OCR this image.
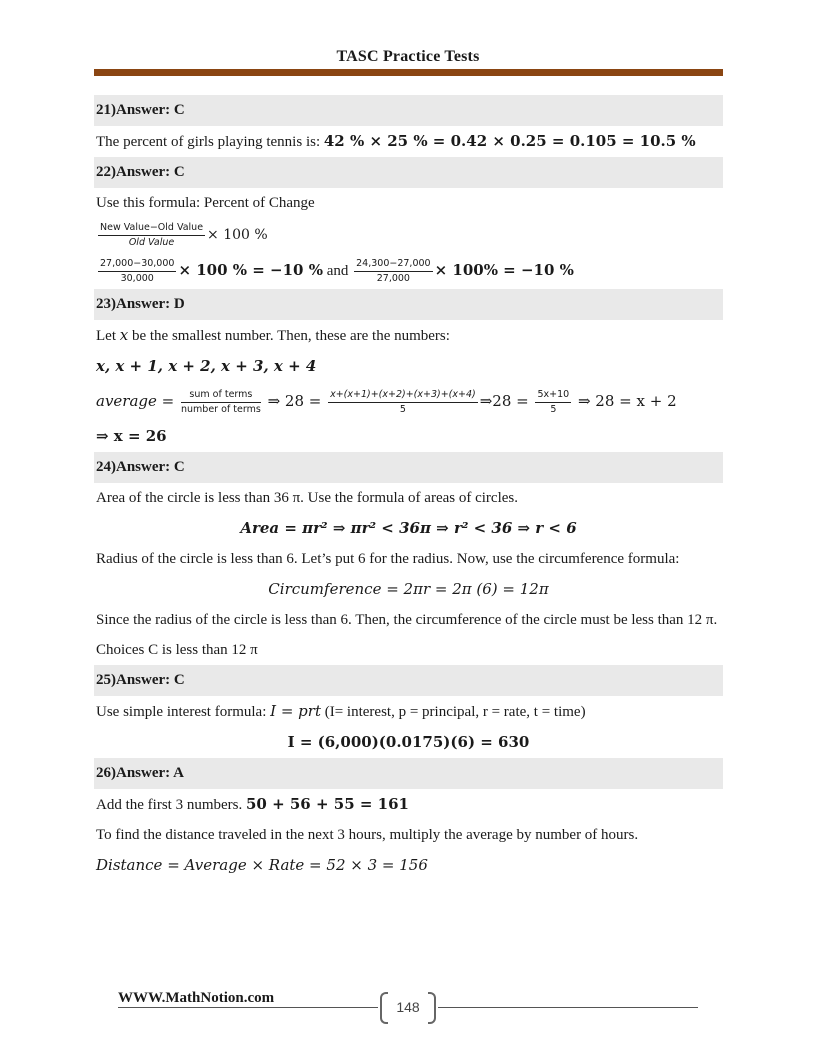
TASC Practice Tests
21)Answer: C
The percent of girls playing tennis is: 42 % × 25 % = 0.42 × 0.25 = 0.105 = 10.5 %
22)Answer: C
Use this formula: Percent of Change
$\frac{\text{New Value−Old Value}}{\text{Old Value}} \times 100$ %
$\frac{27,000-30,000}{30,000} \times 100$ % = −10 % and $\frac{24,300-27,000}{27,000} \times 100\% = -10$ %
23)Answer: D
Let x be the smallest number. Then, these are the numbers:
x, x + 1, x + 2, x + 3, x + 4
average = $\frac{\text{sum of terms}}{\text{number of terms}}$ ⇒ $28 = \frac{x+(x+1)+(x+2)+(x+3)+(x+4)}{5}$ ⇒28 = $\frac{5x+10}{5}$ ⇒ 28 = x + 2
⇒ x = 26
24)Answer: C
Area of the circle is less than 36 π. Use the formula of areas of circles.
Area = πr² ⇒ πr² < 36π ⇒ r² < 36 ⇒ r < 6
Radius of the circle is less than 6. Let’s put 6 for the radius. Now, use the circumference formula:
Circumference = 2πr = 2π (6) = 12π
Since the radius of the circle is less than 6. Then, the circumference of the circle must be less than 12 π. Choices C is less than 12 π
25)Answer: C
Use simple interest formula: I = prt (I= interest, p = principal, r = rate, t = time)
I = (6,000)(0.0175)(6) = 630
26)Answer: A
Add the first 3 numbers. 50 + 56 + 55 = 161
To find the distance traveled in the next 3 hours, multiply the average by number of hours.
Distance = Average × Rate = 52 × 3 = 156
WWW.MathNotion.com
148
